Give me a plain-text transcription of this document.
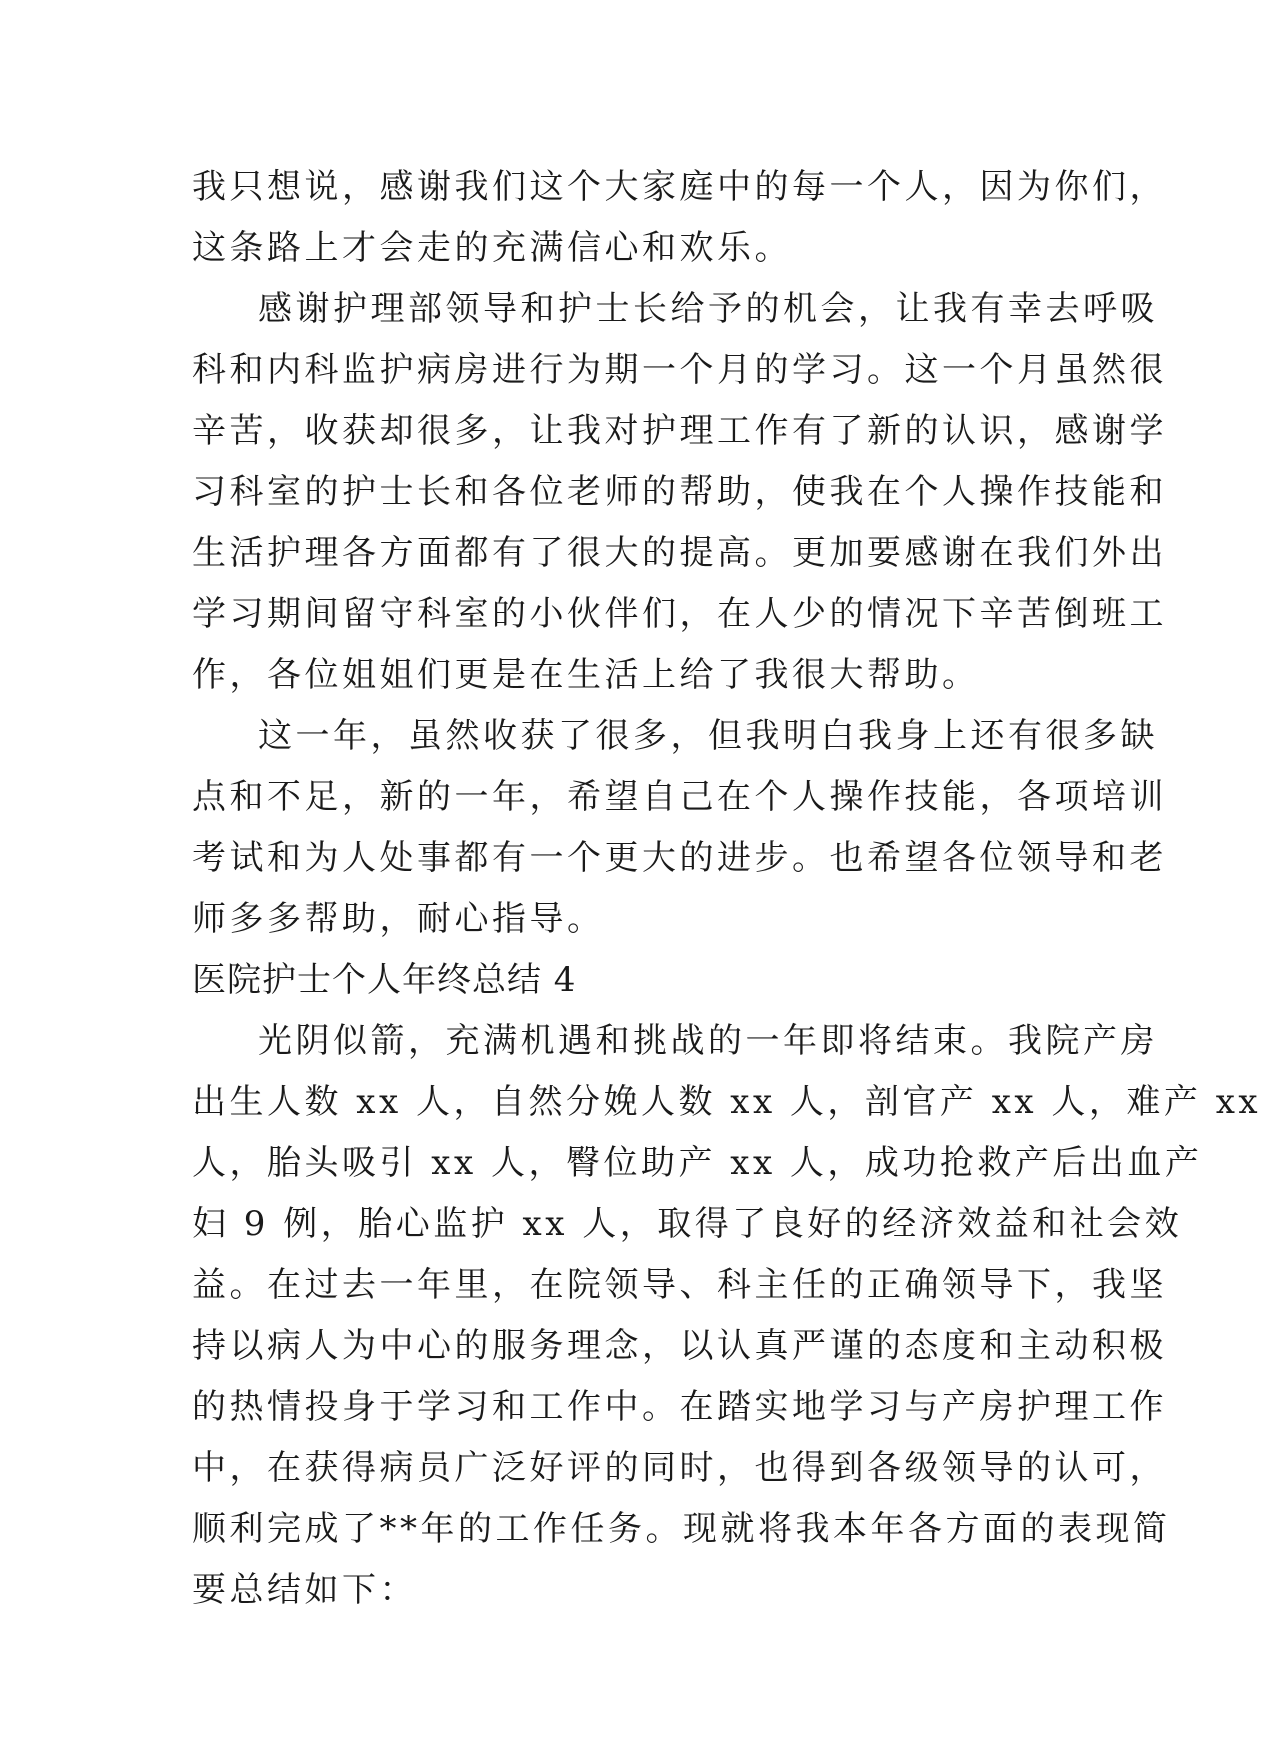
我只想说，感谢我们这个大家庭中的每一个人，因为你们，
这条路上才会走的充满信心和欢乐。
感谢护理部领导和护士长给予的机会，让我有幸去呼吸
科和内科监护病房进行为期一个月的学习。这一个月虽然很
辛苦，收获却很多，让我对护理工作有了新的认识，感谢学
习科室的护士长和各位老师的帮助，使我在个人操作技能和
生活护理各方面都有了很大的提高。更加要感谢在我们外出
学习期间留守科室的小伙伴们，在人少的情况下辛苦倒班工
作，各位姐姐们更是在生活上给了我很大帮助。
这一年，虽然收获了很多，但我明白我身上还有很多缺
点和不足，新的一年，希望自己在个人操作技能，各项培训
考试和为人处事都有一个更大的进步。也希望各位领导和老
师多多帮助，耐心指导。
医院护士个人年终总结 4
光阴似箭，充满机遇和挑战的一年即将结束。我院产房
出生人数 xx 人，自然分娩人数 xx 人，剖官产 xx 人，难产 xx
人，胎头吸引 xx 人，臀位助产 xx 人，成功抢救产后出血产
妇 9 例，胎心监护 xx 人，取得了良好的经济效益和社会效
益。在过去一年里，在院领导、科主任的正确领导下，我坚
持以病人为中心的服务理念，以认真严谨的态度和主动积极
的热情投身于学习和工作中。在踏实地学习与产房护理工作
中，在获得病员广泛好评的同时，也得到各级领导的认可，
顺利完成了**年的工作任务。现就将我本年各方面的表现简
要总结如下：
